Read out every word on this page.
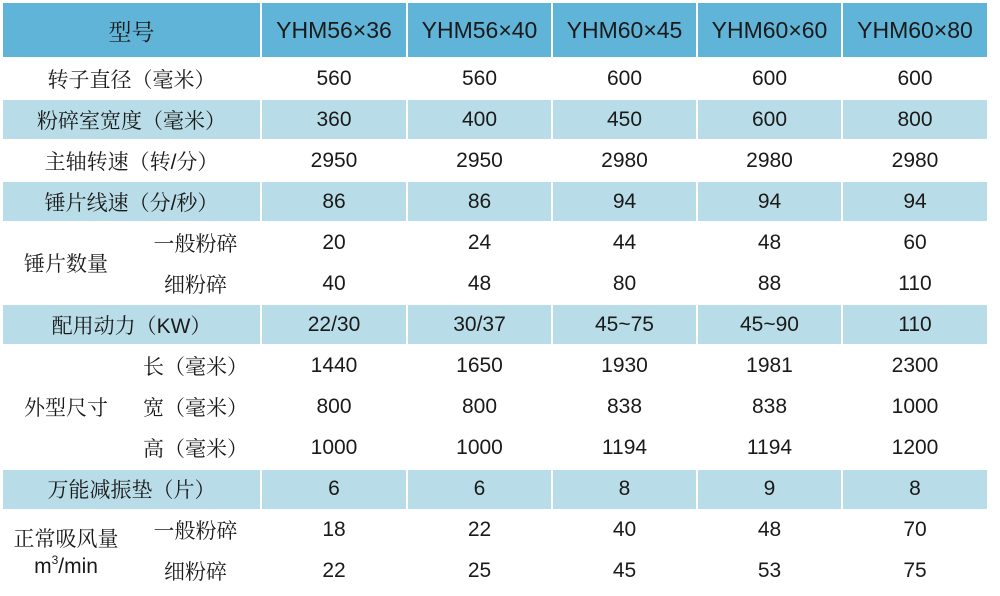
型号		YHM56×36	YHM56×40	YHM60×45	YHM60×60	YHM60×80
转子直径（毫米）		560	560	600	600	600
粉碎室宽度（毫米）		360	400	450	600	800
主轴转速（转/分）		2950	2950	2980	2980	2980
锤片线速（分/秒）		86	86	94	94	94
锤片数量	一般粉碎	20	24	44	48	60
	细粉碎	40	48	80	88	110
配用动力（KW）		22/30	30/37	45~75	45~90	110
外型尺寸	长（毫米）	1440	1650	1930	1981	2300
	宽（毫米）	800	800	838	838	1000
	高（毫米）	1000	1000	1194	1194	1200
万能减振垫（片）		6	6	8	9	8

正常吸风量
$m^3/\min$	一般粉碎	18	22	40	48	70
	细粉碎	22	25	45	53	75
